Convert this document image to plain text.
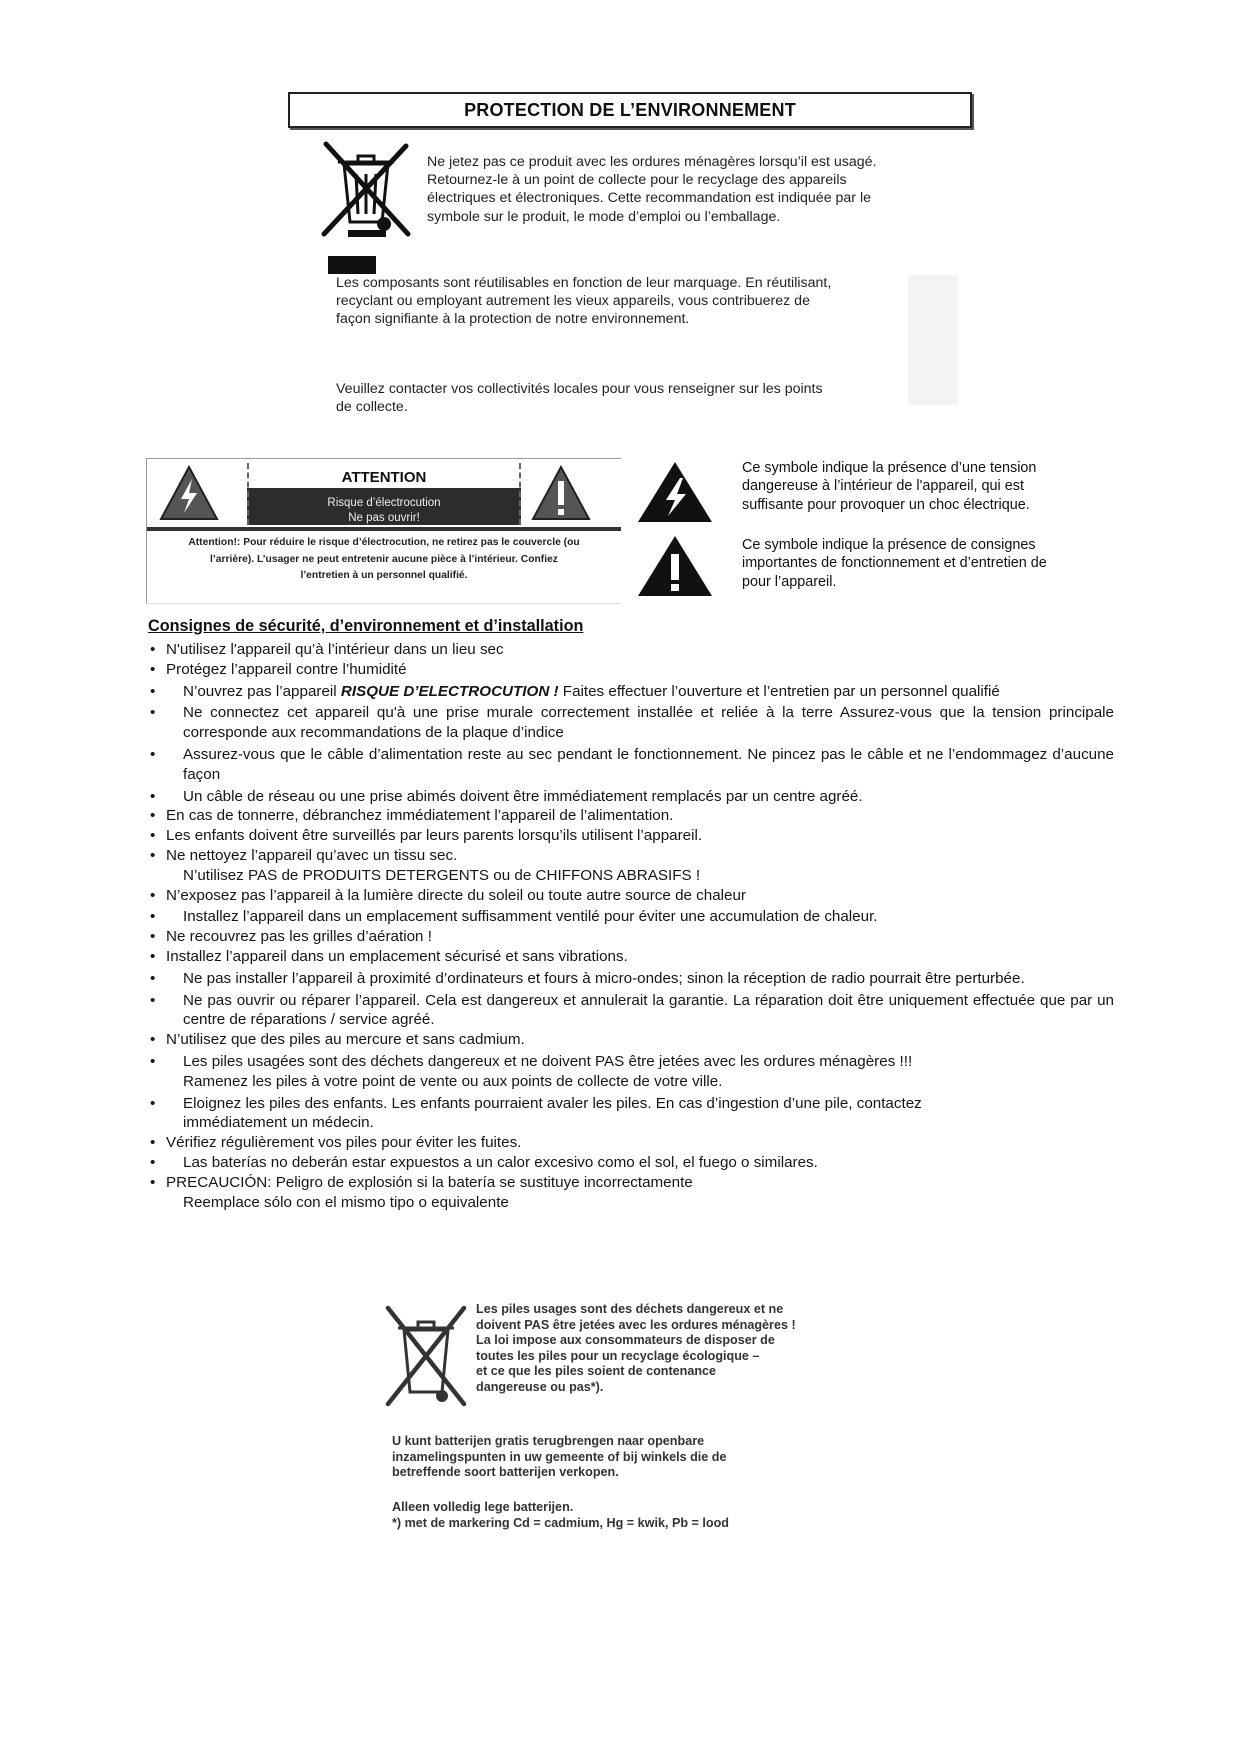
PROTECTION DE L’ENVIRONNEMENT
Ne jetez pas ce produit avec les ordures ménagères lorsqu’il est usagé.
Retournez-le à un point de collecte pour le recyclage des appareils
électriques et électroniques. Cette recommandation est indiquée par le
symbole sur le produit, le mode d’emploi ou l’emballage.
Les composants sont réutilisables en fonction de leur marquage. En réutilisant,
recyclant ou employant autrement les vieux appareils, vous contribuerez de
façon signifiante à la protection de notre environnement.
Veuillez contacter vos collectivités locales pour vous renseigner sur les points
de collecte.
ATTENTION
Risque d’électrocution
Ne pas ouvrir!
Attention!: Pour réduire le risque d’électrocution, ne retirez pas le couvercle (ou
l’arrière). L’usager ne peut entretenir aucune pièce à l’intérieur. Confiez
l’entretien à un personnel qualifié.
Ce symbole indique la présence d’une tension
dangereuse à l’intérieur de l'appareil, qui est
suffisante pour provoquer un choc électrique.
Ce symbole indique la présence de consignes
importantes de fonctionnement et d’entretien de
pour l’appareil.
Consignes de sécurité, d’environnement et d’installation
• N'utilisez l'appareil qu’à l’intérieur dans un lieu sec
• Protégez l’appareil contre l’humidité
•	N’ouvrez pas l’appareil RISQUE D’ELECTROCUTION ! Faites effectuer l’ouverture et l’entretien par un personnel qualifié
•	Ne connectez cet appareil qu'à une prise murale correctement installée et reliée à la terre Assurez-vous que la tension principale corresponde aux recommandations de la plaque d’indice
•	Assurez-vous que le câble d’alimentation reste au sec pendant le fonctionnement. Ne pincez pas le câble et ne l’endommagez d’aucune façon
•	Un câble de réseau ou une prise abimés doivent être immédiatement remplacés par un centre agréé.
• En cas de tonnerre, débranchez immédiatement l’appareil de l’alimentation.
• Les enfants doivent être surveillés par leurs parents lorsqu’ils utilisent l’appareil.
• Ne nettoyez l’appareil qu’avec un tissu sec.
N’utilisez PAS de PRODUITS DETERGENTS ou de CHIFFONS ABRASIFS !
• N’exposez pas l’appareil à la lumière directe du soleil ou toute autre source de chaleur
•	Installez l’appareil dans un emplacement suffisamment ventilé pour éviter une accumulation de chaleur.
• Ne recouvrez pas les grilles d’aération !
• Installez l’appareil dans un emplacement sécurisé et sans vibrations.
•	Ne pas installer l’appareil à proximité d’ordinateurs et fours à micro-ondes; sinon la réception de radio pourrait être perturbée.
•	Ne pas ouvrir ou réparer l’appareil. Cela est dangereux et annulerait la garantie. La réparation doit être uniquement effectuée que par un centre de réparations / service agréé.
• N’utilisez que des piles au mercure et sans cadmium.
•	Les piles usagées sont des déchets dangereux et ne doivent PAS être jetées avec les ordures ménagères !!! Ramenez les piles à votre point de vente ou aux points de collecte de votre ville.
•	Eloignez les piles des enfants. Les enfants pourraient avaler les piles. En cas d’ingestion d’une pile, contactez immédiatement un médecin.
• Vérifiez régulièrement vos piles pour éviter les fuites.
•	Las baterías no deberán estar expuestos a un calor excesivo como el sol, el fuego o similares.
• PRECAUCIÓN: Peligro de explosión si la batería se sustituye incorrectamente
Reemplace sólo con el mismo tipo o equivalente
Les piles usages sont des déchets dangereux et ne
doivent PAS être jetées avec les ordures ménagères !
La loi impose aux consommateurs de disposer de
toutes les piles pour un recyclage écologique –
et ce que les piles soient de contenance
dangereuse ou pas*).
U kunt batterijen gratis terugbrengen naar openbare
inzamelingspunten in uw gemeente of bij winkels die de
betreffende soort batterijen verkopen.
Alleen volledig lege batterijen.
*) met de markering Cd = cadmium, Hg = kwik, Pb = lood
